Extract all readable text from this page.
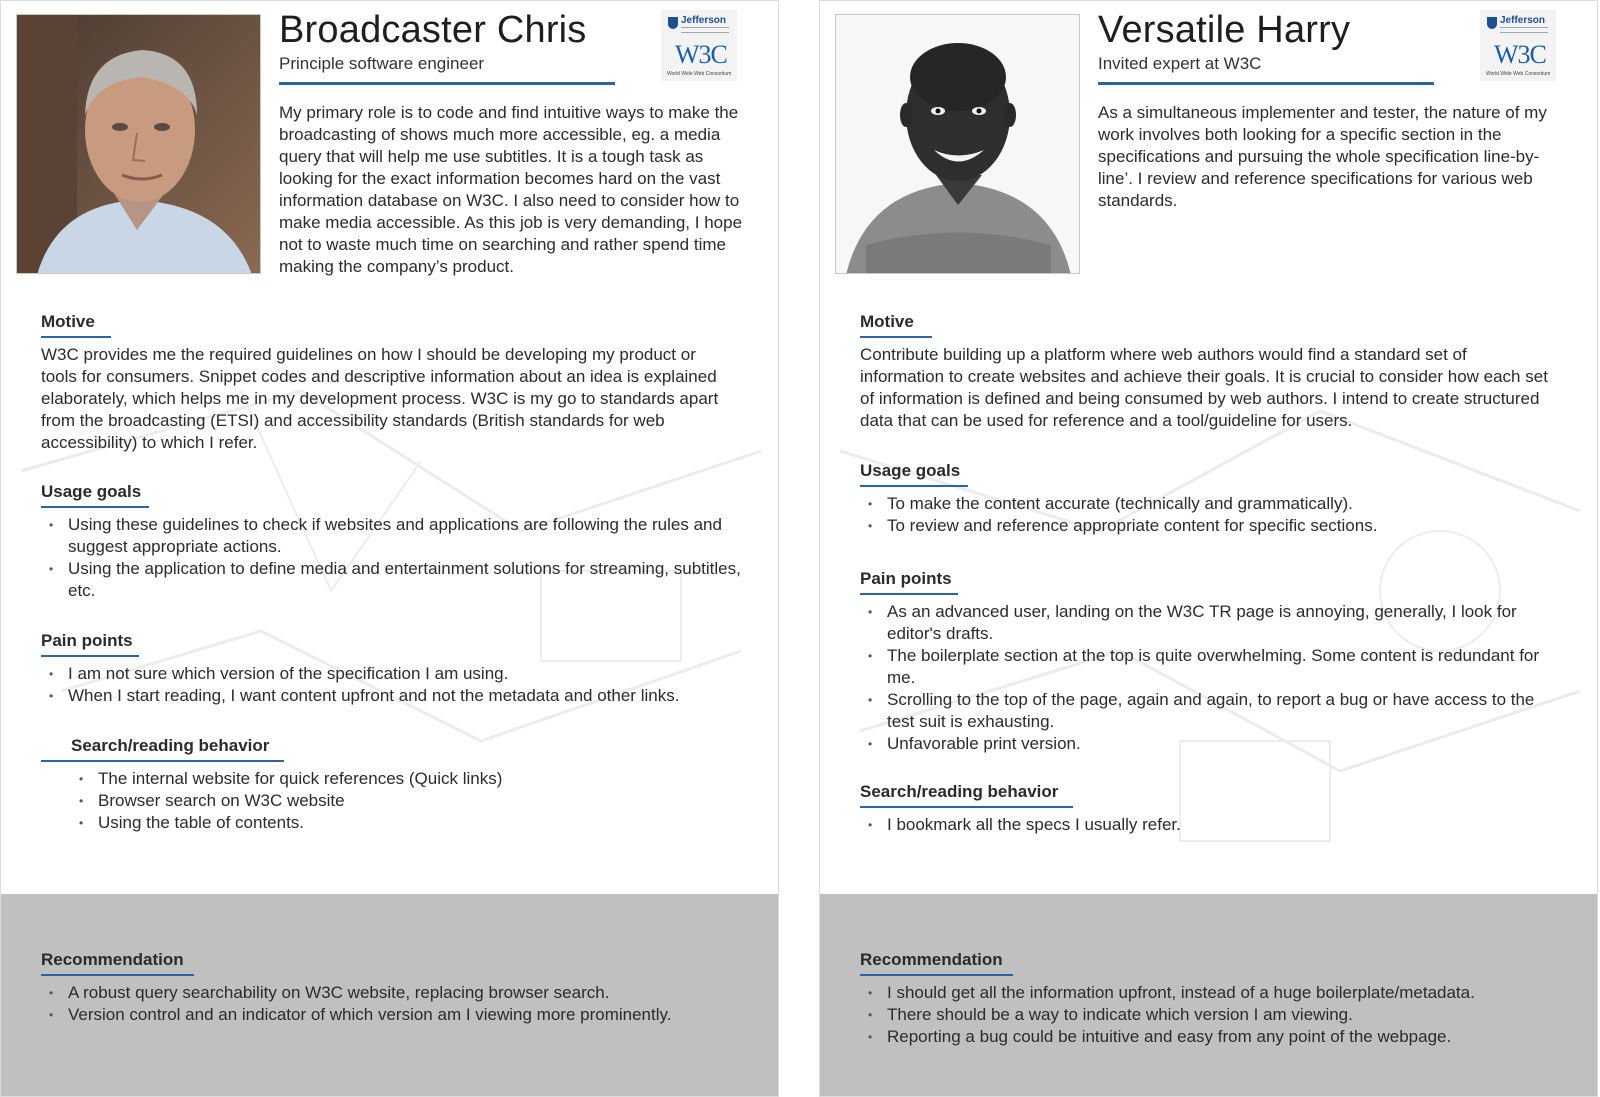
Broadcaster Chris

Principle software engineer

Jefferson
W3C
World Wide Web Consortium

My primary role is to code and find intuitive ways to make the broadcasting of shows much more accessible, eg. a media query that will help me use subtitles. It is a tough task as looking for the exact information becomes hard on the vast information database on W3C. I also need to consider how to make media accessible. As this job is very demanding, I hope not to waste much time on searching and rather spend time making the company’s product.

Motive

W3C provides me the required guidelines on how I should be developing my product or tools for consumers. Snippet codes and descriptive information about an idea is explained elaborately, which helps me in my development process. W3C is my go to standards apart from the broadcasting (ETSI) and accessibility standards (British standards for web accessibility) to which I refer.

Usage goals
• Using these guidelines to check if websites and applications are following the rules and suggest appropriate actions.
• Using the application to define media and entertainment solutions for streaming, subtitles, etc.
Pain points
• I am not sure which version of the specification I am using.
• When I start reading, I want content upfront and not the metadata and other links.
Search/reading behavior
• The internal website for quick references (Quick links)
• Browser search on W3C website
• Using the table of contents.
Recommendation
• A robust query searchability on W3C website, replacing browser search.
• Version control and an indicator of which version am I viewing more prominently.
Versatile Harry

Invited expert at W3C

Jefferson
W3C
World Wide Web Consortium

As a simultaneous implementer and tester, the nature of my work involves both looking for a specific section in the specifications and pursuing the whole specification line-by-line’. I review and reference specifications for various web standards.

Motive

Contribute building up a platform where web authors would find a standard set of information to create websites and achieve their goals. It is crucial to consider how each set of information is defined and being consumed by web authors. I intend to create structured data that can be used for reference and a tool/guideline for users.

Usage goals
• To make the content accurate (technically and grammatically).
• To review and reference appropriate content for specific sections.
Pain points
• As an advanced user, landing on the W3C TR page is annoying, generally, I look for editor's drafts.
• The boilerplate section at the top is quite overwhelming. Some content is redundant for me.
• Scrolling to the top of the page, again and again, to report a bug or have access to the test suit is exhausting.
• Unfavorable print version.
Search/reading behavior
• I bookmark all the specs I usually refer.
Recommendation
• I should get all the information upfront, instead of a huge boilerplate/metadata.
• There should be a way to indicate which version I am viewing.
• Reporting a bug could be intuitive and easy from any point of the webpage.
